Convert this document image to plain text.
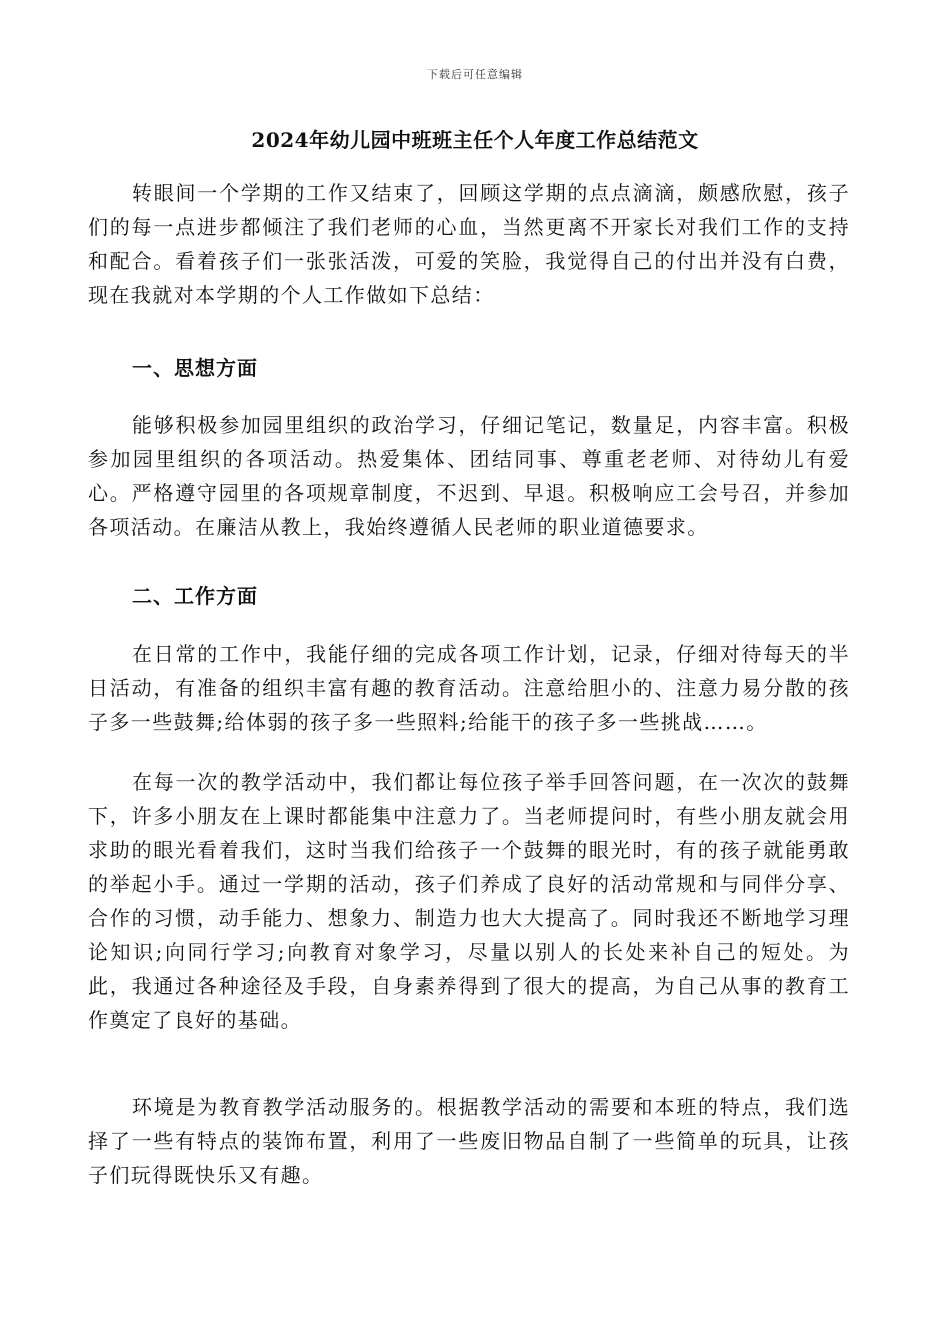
下载后可任意编辑
2024年幼儿园中班班主任个人年度工作总结范文

转眼间一个学期的工作又结束了，回顾这学期的点点滴滴，颇感欣慰，孩子们的每一点进步都倾注了我们老师的心血，当然更离不开家长对我们工作的支持和配合。看着孩子们一张张活泼，可爱的笑脸，我觉得自己的付出并没有白费，现在我就对本学期的个人工作做如下总结：

一、思想方面

能够积极参加园里组织的政治学习，仔细记笔记，数量足，内容丰富。积极参加园里组织的各项活动。热爱集体、团结同事、尊重老老师、对待幼儿有爱心。严格遵守园里的各项规章制度，不迟到、早退。积极响应工会号召，并参加各项活动。在廉洁从教上，我始终遵循人民老师的职业道德要求。

二、工作方面

在日常的工作中，我能仔细的完成各项工作计划，记录，仔细对待每天的半日活动，有准备的组织丰富有趣的教育活动。注意给胆小的、注意力易分散的孩子多一些鼓舞;给体弱的孩子多一些照料;给能干的孩子多一些挑战……。

在每一次的教学活动中，我们都让每位孩子举手回答问题，在一次次的鼓舞下，许多小朋友在上课时都能集中注意力了。当老师提问时，有些小朋友就会用求助的眼光看着我们，这时当我们给孩子一个鼓舞的眼光时，有的孩子就能勇敢的举起小手。通过一学期的活动，孩子们养成了良好的活动常规和与同伴分享、合作的习惯，动手能力、想象力、制造力也大大提高了。同时我还不断地学习理论知识;向同行学习;向教育对象学习，尽量以别人的长处来补自己的短处。为此，我通过各种途径及手段，自身素养得到了很大的提高，为自己从事的教育工作奠定了良好的基础。

环境是为教育教学活动服务的。根据教学活动的需要和本班的特点，我们选择了一些有特点的装饰布置，利用了一些废旧物品自制了一些简单的玩具，让孩子们玩得既快乐又有趣。
